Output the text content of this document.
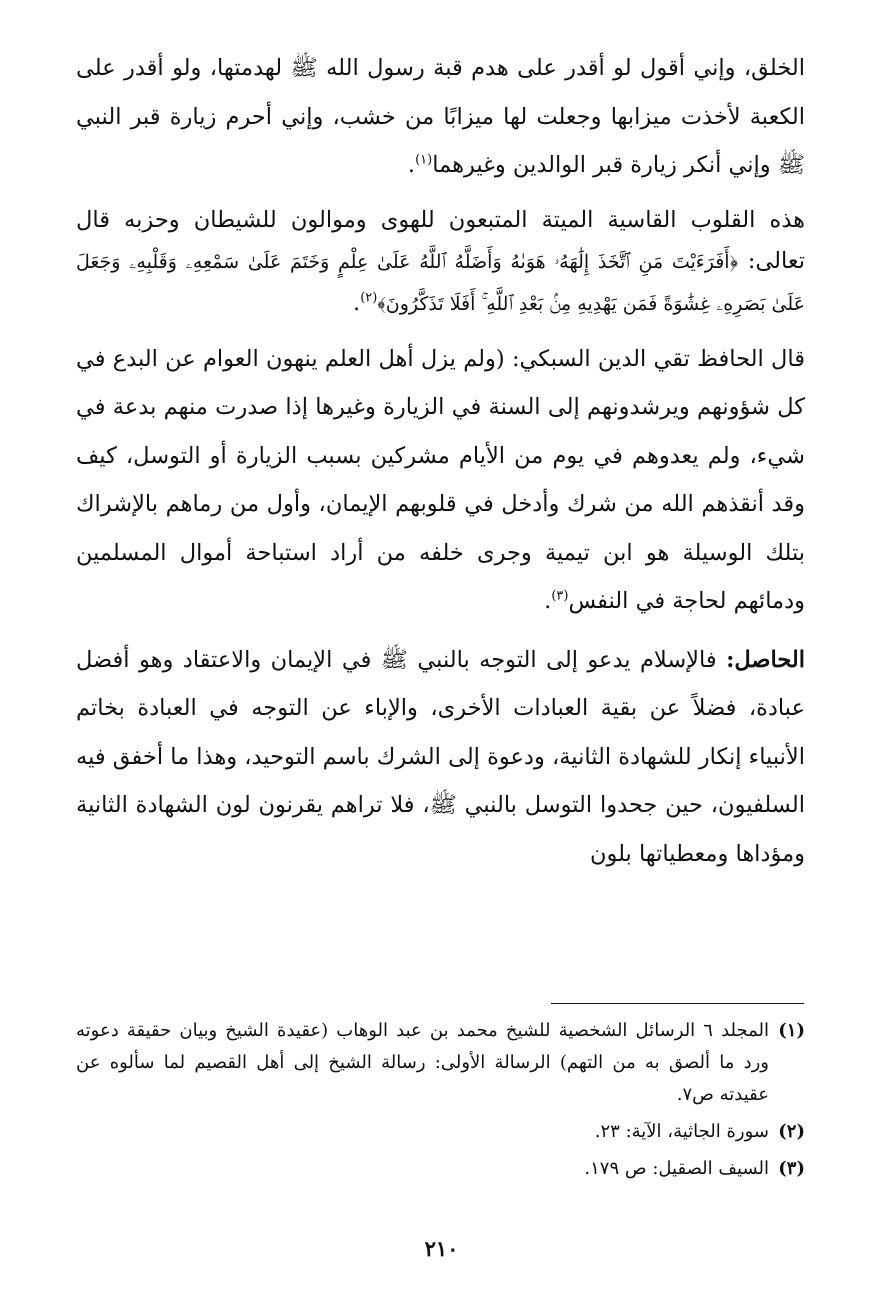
الخلق، وإني أقول لو أقدر على هدم قبة رسول الله ﷺ لهدمتها، ولو أقدر على الكعبة لأخذت ميزابها وجعلت لها ميزابًا من خشب، وإني أحرم زيارة قبر النبي ﷺ وإني أنكر زيارة قبر الوالدين وغيرهما$^{(١)}$.

هذه القلوب القاسية الميتة المتبعون للهوى وموالون للشيطان وحزبه قال تعالى: ﴿أَفَرَءَيْتَ مَنِ ٱتَّخَذَ إِلَٰهَهُۥ هَوَىٰهُ وَأَضَلَّهُ ٱللَّهُ عَلَىٰ عِلْمٍ وَخَتَمَ عَلَىٰ سَمْعِهِۦ وَقَلْبِهِۦ وَجَعَلَ عَلَىٰ بَصَرِهِۦ غِشَٰوَةً فَمَن يَهْدِيهِ مِنۢ بَعْدِ ٱللَّهِ ۚ أَفَلَا تَذَكَّرُونَ﴾$^{(٢)}$.

قال الحافظ تقي الدين السبكي: (ولم يزل أهل العلم ينهون العوام عن البدع في كل شؤونهم ويرشدونهم إلى السنة في الزيارة وغيرها إذا صدرت منهم بدعة في شيء، ولم يعدوهم في يوم من الأيام مشركين بسبب الزيارة أو التوسل، كيف وقد أنقذهم الله من شرك وأدخل في قلوبهم الإيمان، وأول من رماهم بالإشراك بتلك الوسيلة هو ابن تيمية وجرى خلفه من أراد استباحة أموال المسلمين ودمائهم لحاجة في النفس$^{(٣)}$.

الحاصل: فالإسلام يدعو إلى التوجه بالنبي ﷺ في الإيمان والاعتقاد وهو أفضل عبادة، فضلاً عن بقية العبادات الأخرى، والإباء عن التوجه في العبادة بخاتم الأنبياء إنكار للشهادة الثانية، ودعوة إلى الشرك باسم التوحيد، وهذا ما أخفق فيه السلفيون، حين جحدوا التوسل بالنبي ﷺ، فلا تراهم يقرنون لون الشهادة الثانية ومؤداها ومعطياتها بلون

(١)
المجلد ٦ الرسائل الشخصية للشيخ محمد بن عبد الوهاب (عقيدة الشيخ وبيان حقيقة دعوته ورد ما ألصق به من التهم) الرسالة الأولى: رسالة الشيخ إلى أهل القصيم لما سألوه عن عقيدته ص٧.
(٢)
سورة الجاثية، الآية: ٢٣.
(٣)
السيف الصقيل: ص ١٧٩.
٢١٠
